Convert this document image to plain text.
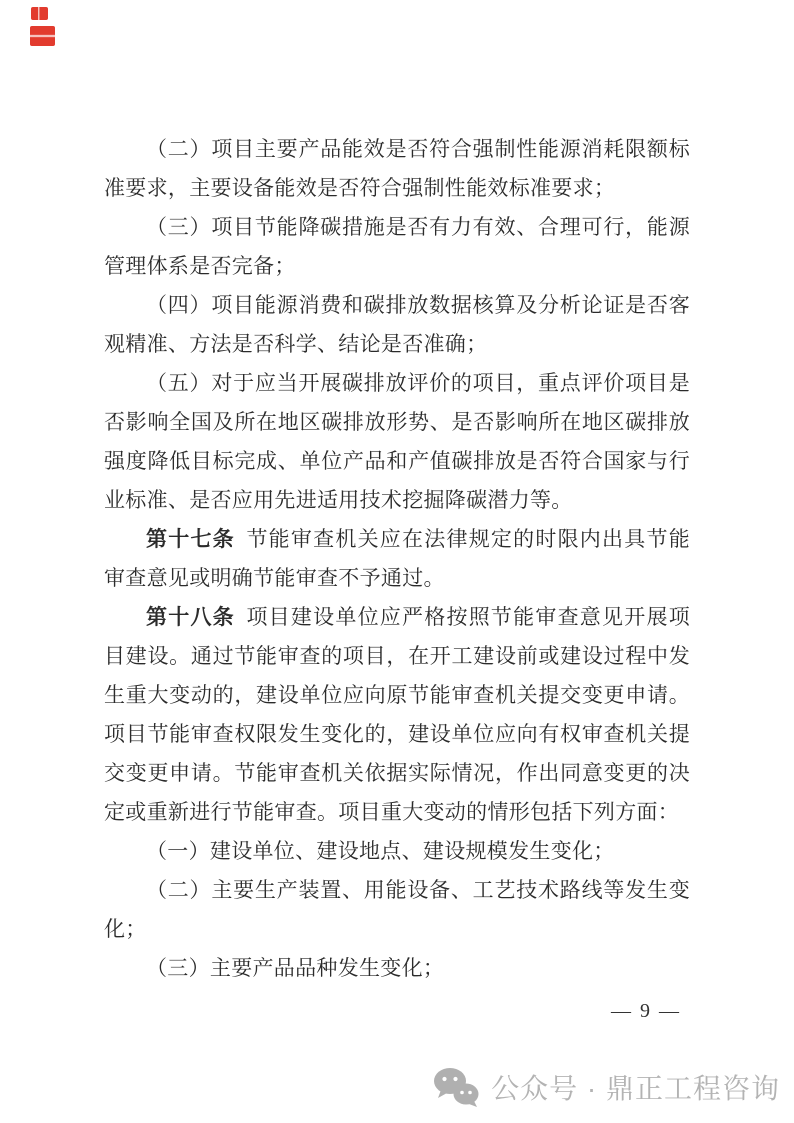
（二）项目主要产品能效是否符合强制性能源消耗限额标准要求，主要设备能效是否符合强制性能效标准要求；

（三）项目节能降碳措施是否有力有效、合理可行，能源管理体系是否完备；

（四）项目能源消费和碳排放数据核算及分析论证是否客观精准、方法是否科学、结论是否准确；

（五）对于应当开展碳排放评价的项目，重点评价项目是否影响全国及所在地区碳排放形势、是否影响所在地区碳排放强度降低目标完成、单位产品和产值碳排放是否符合国家与行业标准、是否应用先进适用技术挖掘降碳潜力等。

第十七条 节能审查机关应在法律规定的时限内出具节能审查意见或明确节能审查不予通过。

第十八条 项目建设单位应严格按照节能审查意见开展项目建设。通过节能审查的项目，在开工建设前或建设过程中发生重大变动的，建设单位应向原节能审查机关提交变更申请。项目节能审查权限发生变化的，建设单位应向有权审查机关提交变更申请。节能审查机关依据实际情况，作出同意变更的决定或重新进行节能审查。项目重大变动的情形包括下列方面：

（一）建设单位、建设地点、建设规模发生变化；

（二）主要生产装置、用能设备、工艺技术路线等发生变化；

（三）主要产品品种发生变化；

— 9 —
公众号 · 鼎正工程咨询
